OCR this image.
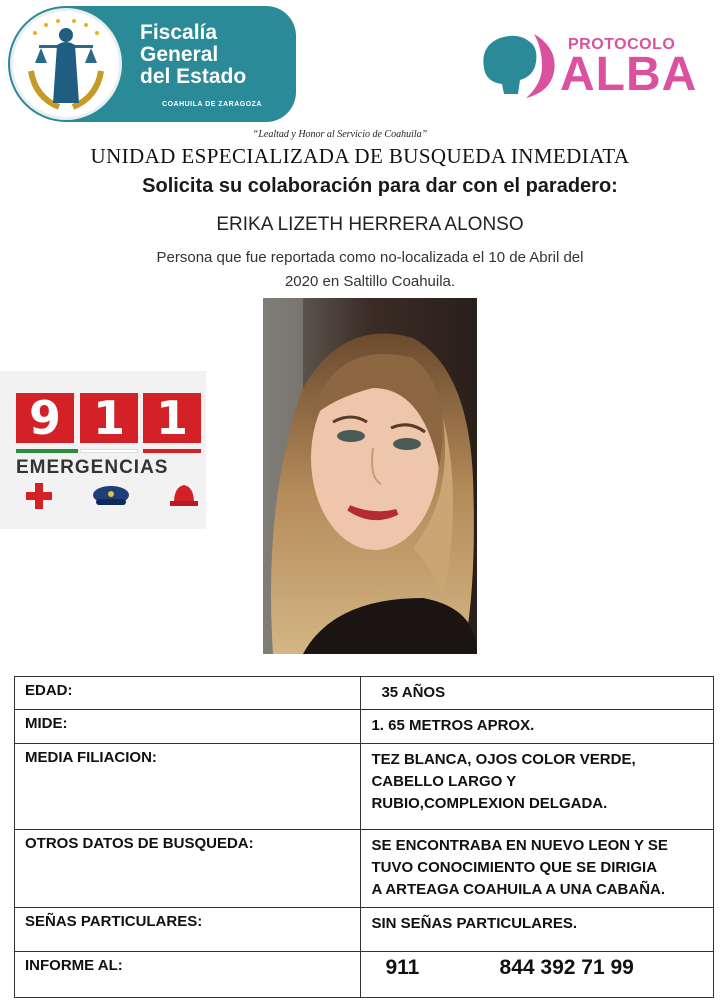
Fiscalía
General
del Estado
COAHUILA DE ZARAGOZA
“Lealtad y Honor al Servicio de Coahuila”
PROTOCOLO
ALBA
UNIDAD ESPECIALIZADA DE BUSQUEDA INMEDIATA
Solicita su colaboración para dar con el paradero:
ERIKA LIZETH HERRERA ALONSO
Persona que fue reportada como no-localizada el 10 de Abril del
2020 en Saltillo Coahuila.
9 1 1
EMERGENCIAS
EDAD:	35 AÑOS
MIDE:	1. 65 METROS APROX.
MEDIA FILIACION:	TEZ BLANCA, OJOS COLOR VERDE,
CABELLO LARGO Y
RUBIO,COMPLEXION DELGADA.

OTROS DATOS DE BUSQUEDA:	SE ENCONTRABA EN NUEVO LEON Y SE
TUVO CONOCIMIENTO QUE SE DIRIGIA
A ARTEAGA COAHUILA A UNA CABAÑA.

SEÑAS PARTICULARES:	SIN SEÑAS PARTICULARES.
INFORME AL:	911 844 392 71 99
